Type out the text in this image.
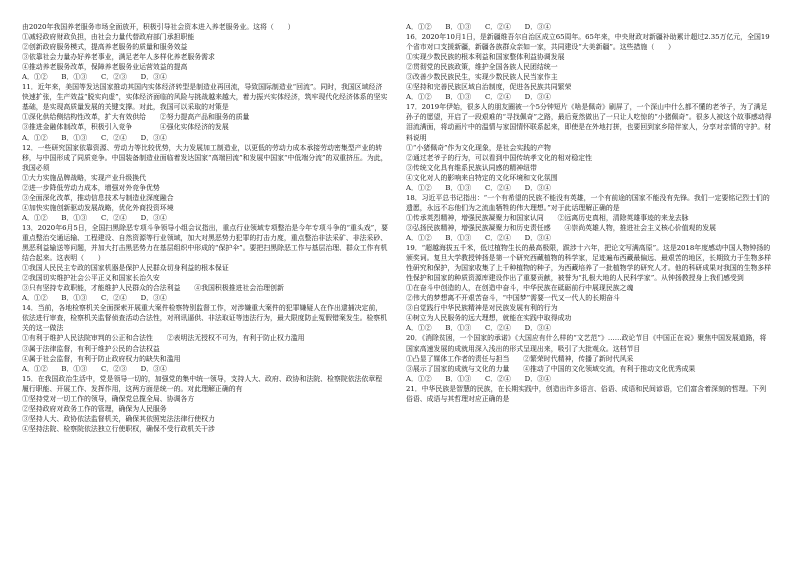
由2020年我国养老服务市场全面放开，积极引导社会资本进入养老服务业。这将（　　）

①减轻政府财政负担，由社会力量代替政府部门承担职能

②创新政府服务模式，提高养老服务的质量和服务效益

③依靠社会力量办好养老事业，满足老年人多样化养老服务需求

④推动养老服务改革，保障养老服务业运营效益的提高

A．①②　　B．①③　　C．②③　　D．③④

11．近年来，美国等发达国家推动其国内实体经济转型是制造业再回流，导致国际制造业“回流”。同时，我国区域经济快速扩张，生产效益“脱实向虚”，实体经济面临的风险与挑战越来越大，着力振兴实体经济，筑牢现代化经济体系的坚实基础，是实现高质量发展的关键支撑。对此，我国可以采取的对策是

①深化供给侧结构性改革，扩大有效供给　　②努力提高产品和服务的质量

③推进金融体制改革，积极引入竞争　　　　④强化实体经济的发展

A．①②　　B．①③　　C．②④　　D．③④

12．一些研究国家依靠资源、劳动力等比较优势，大力发展加工制造业，以更低的劳动力成本承接劳动密集型产业的转移，与中国形成了同质竞争。中国装备制造业面临着发达国家“高端回流”和发展中国家“中低端分流”的双重挤压。为此，我国必须

①大力实施品牌战略，实现产业升级换代

②进一步降低劳动力成本，增强对外竞争优势

③全面深化改革，推动信息技术与制造业深度融合

④加快实施创新驱动发展战略，优化外商投资环境

A．①②　　B．①③　　C．②④　　D．③④

13．2020年6月5日，全国扫黑除恶专项斗争领导小组会议指出，重点行业领域专项整治是今年专项斗争的“重头戏”，要重点整治交通运输、工程建设、自然资源等行业领域，加大对黑恶势力犯罪的打击力度，重点整治非法采矿、非法采砂、黑恶利益输送等问题，并加大打击黑恶势力在基层组织中形成的“保护伞”。要把扫黑除恶工作与基层治理、群众工作有机结合起来。这表明（　　）

①我国人民民主专政的国家机器是保护人民群众切身利益的根本保证

②我国切实维护社会公平正义和国家长治久安

③只有坚持专政职能，才能维护人民群众的合法利益　　④我国积极推进社会治理创新

A．①②　　B．①③　　C．②④　　D．③④

14．当前，各地检察机关全面探索开展重大案件检察特别监督工作，对涉嫌重大案件的犯罪嫌疑人在作出逮捕决定前，依法进行审查，检察机关监督侦查活动合法性，对刑讯逼供、非法取证等违法行为，最大限度防止冤假错案发生。检察机关的这一做法

①有利于维护人民法院审判的公正和合法性　　②表明法无授权不可为，有利于防止权力滥用

③属于法律监督，有利于维护公民的合法权益

④属于社会监督，有利于防止政府权力的缺失和滥用

A．①②　　B．①③　　C．②③　　D．③④

15．在我国政治生活中，党是领导一切的，加强党的集中统一领导，支持人大、政府、政协和法院、检察院依法依章程履行职能、开展工作、发挥作用，这两方面是统一的。对此理解正确的有

①坚持党对一切工作的领导，确保党总揽全局、协调各方

②坚持政府对政务工作的管理，确保为人民服务

③坚持人大、政协依法监督机关，确保其依照宪法法律行使权力

④坚持法院、检察院依法独立行使职权，确保不受行政机关干涉

A．①②　　B．①③　　C．②④　　D．③④

16．2020年10月1日，是新疆维吾尔自治区成立65周年。65年来，中央财政对新疆补助累计超过2.35万亿元，全国19个省市对口支援新疆，新疆各族群众亲如一家，共同建设“大美新疆”。这些措施（　　）

①实现少数民族的根本利益和国家整体利益协调发展

②贯彻党的民族政策，维护全国各族人民团结统一

③改善少数民族民生，实现少数民族人民当家作主

④坚持和完善民族区域自治制度，促进各民族共同繁荣

A．①②　　B．①③　　C．②④　　D．③④

17．2019年伊始，很多人的朋友圈被一个5分钟短片《啥是佩奇》刷屏了，一个深山中什么都不懂的老爷子，为了满足孙子的愿望，开启了一段艰难的“寻找佩奇”之路，最后竟然做出了一只让人吃惊的“小猪佩奇”。很多人被这个故事感动得泪流满面，将动画片中的温情与家国情怀联系起来，即使是在外地打拼，也要回到家乡陪伴家人，分享对亲情的守护。材料说明

①“小猪佩奇”作为文化现象，是社会实践的产物

②通过老爷子的行为，可以看到中国传统孝文化的相对稳定性

③传统文化具有维系民族认同感的精神纽带

④文化对人的影响来自特定的文化环境和文化氛围

A．①②　　B．①③　　C．②④　　D．③④

18．习近平总书记指出：“一个有希望的民族不能没有英雄，一个有前途的国家不能没有先锋。我们一定要铭记烈士们的遗愿，永远不忘他们为之流血牺牲的伟大理想。”对于此话理解正确的是

①传承英烈精神，增强民族凝聚力和国家认同　　②远离历史真相，清除英雄事迹的来龙去脉

③弘扬民族精神，增强民族凝聚力和历史责任感　　④崇尚英雄人物，推进社会主义核心价值观的发展

A．①②　　B．①③　　C．②④　　D．③④

19．“超越海拔五千米，低过植物生长的最高极限，跋涉十六年，把论文写满高原”。这是2018年度感动中国人物钟扬的颁奖词。复旦大学教授钟扬是第一个研究西藏植物的科学家，足迹遍布西藏最偏远、最艰苦的地区，长期致力于生物多样性研究和保护，为国家收集了上千种植物的种子，为西藏培养了一批植物学的研究人才。他的科研成果对我国的生物多样性保护和国家的种质资源库建设作出了重要贡献，被誉为“扎根大地的人民科学家”。从钟扬教授身上我们感受到

①在奋斗中创造的人，在创造中奋斗，中华民族在砥砺前行中展现民族之魂

②伟大的梦想离不开艰苦奋斗，“中国梦”需要一代又一代人的长期奋斗

③自觉践行中华民族精神是对民族发展有利的行为

④树立为人民服务的远大理想，就能在实践中取得成功

A．①②　　B．①③　　C．②④　　D．③④

20．《消除贫困，一个国家的承诺》《大国应有什么样的“文艺范”》……政论节目《中国正在说》聚焦中国发展道路，将国家高速发展的成就用深入浅出的形式呈现出来，吸引了大批观众。这档节目

①凸显了媒体工作者的责任与担当　　②繁荣时代精神，传播了新时代风采

③展示了国家的成就与文化的力量　　④推动了中国的文化领域交流，有利于推动文化优秀成果

A．①②　　B．①③　　C．②④　　D．③④

21．中华民族是智慧的民族，在长期实践中，创造出许多语言、俗语、成语和民间谚语，它们富含着深刻的哲理。下列俗语、成语与其哲理对应正确的是
